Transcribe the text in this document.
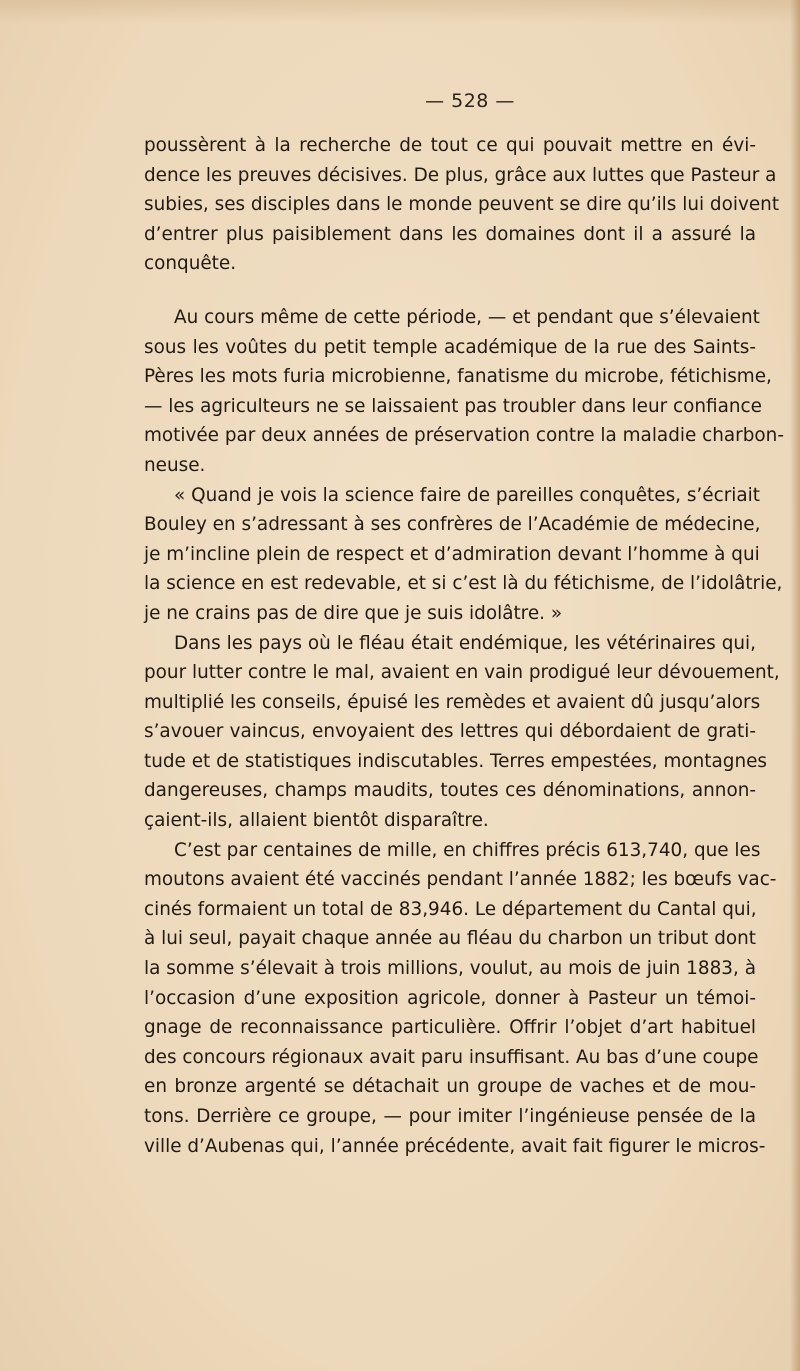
— 528 —
poussèrent à la recherche de tout ce qui pouvait mettre en évi-
dence les preuves décisives. De plus, grâce aux luttes que Pasteur a
subies, ses disciples dans le monde peuvent se dire qu’ils lui doivent
d’entrer plus paisiblement dans les domaines dont il a assuré la
conquête.
Au cours même de cette période, — et pendant que s’élevaient
sous les voûtes du petit temple académique de la rue des Saints-
Pères les mots furia microbienne, fanatisme du microbe, fétichisme,
— les agriculteurs ne se laissaient pas troubler dans leur confiance
motivée par deux années de préservation contre la maladie charbon-
neuse.
« Quand je vois la science faire de pareilles conquêtes, s’écriait
Bouley en s’adressant à ses confrères de l’Académie de médecine,
je m’incline plein de respect et d’admiration devant l’homme à qui
la science en est redevable, et si c’est là du fétichisme, de l’idolâtrie,
je ne crains pas de dire que je suis idolâtre. »
Dans les pays où le fléau était endémique, les vétérinaires qui,
pour lutter contre le mal, avaient en vain prodigué leur dévouement,
multiplié les conseils, épuisé les remèdes et avaient dû jusqu’alors
s’avouer vaincus, envoyaient des lettres qui débordaient de grati-
tude et de statistiques indiscutables. Terres empestées, montagnes
dangereuses, champs maudits, toutes ces dénominations, annon-
çaient-ils, allaient bientôt disparaître.
C’est par centaines de mille, en chiffres précis 613,740, que les
moutons avaient été vaccinés pendant l’année 1882; les bœufs vac-
cinés formaient un total de 83,946. Le département du Cantal qui,
à lui seul, payait chaque année au fléau du charbon un tribut dont
la somme s’élevait à trois millions, voulut, au mois de juin 1883, à
l’occasion d’une exposition agricole, donner à Pasteur un témoi-
gnage de reconnaissance particulière. Offrir l’objet d’art habituel
des concours régionaux avait paru insuffisant. Au bas d’une coupe
en bronze argenté se détachait un groupe de vaches et de mou-
tons. Derrière ce groupe, — pour imiter l’ingénieuse pensée de la
ville d’Aubenas qui, l’année précédente, avait fait figurer le micros-
